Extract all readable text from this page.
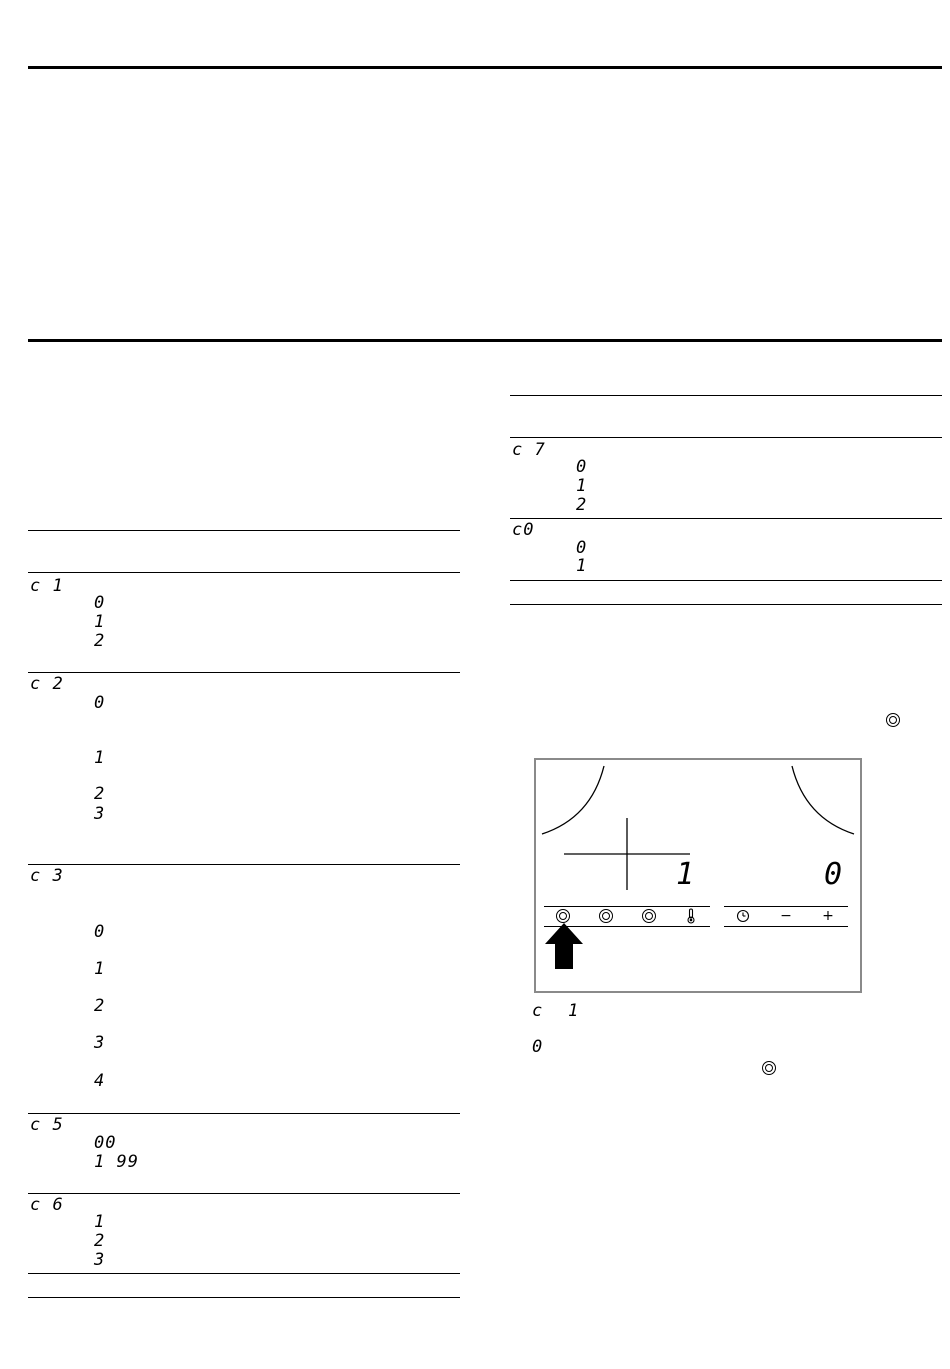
c 1
0
1
2
c 2
0
1
2
3
c 3
0
1
2
3
4
c 5
00
1 99
c 6
1
2
3
c 7
0
1
2
c0
0
1
1	0
−	+
c 1
0
